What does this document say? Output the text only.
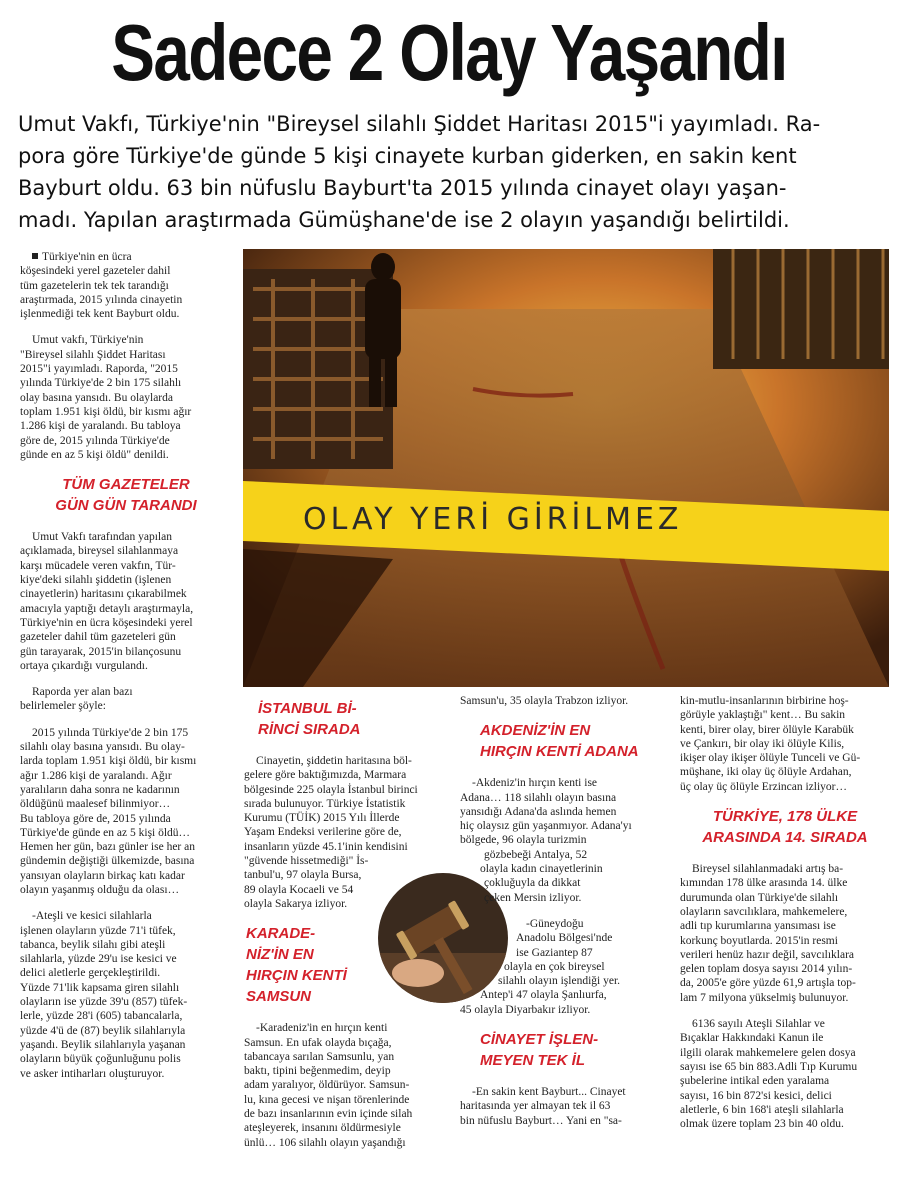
Sadece 2 Olay Yaşandı
Umut Vakfı, Türkiye'nin "Bireysel silahlı Şiddet Haritası 2015"i yayımladı. Ra-
pora göre Türkiye'de günde 5 kişi cinayete kurban giderken, en sakin kent
Bayburt oldu. 63 bin nüfuslu Bayburt'ta 2015 yılında cinayet olayı yaşan-
madı. Yapılan araştırmada Gümüşhane'de ise 2 olayın yaşandığı belirtildi.
OLAY YERİ GİRİLMEZ

Türkiye'nin en ücra
köşesindeki yerel gazeteler dahil
tüm gazetelerin tek tek tarandığı
araştırmada, 2015 yılında cinayetin
işlenmediği tek kent Bayburt oldu.

Umut vakfı, Türkiye'nin
"Bireysel silahlı Şiddet Haritası
2015"i yayımladı. Raporda, "2015
yılında Türkiye'de 2 bin 175 silahlı
olay basına yansıdı. Bu olaylarda
toplam 1.951 kişi öldü, bir kısmı ağır
1.286 kişi de yaralandı. Bu tabloya
göre de, 2015 yılında Türkiye'de
günde en az 5 kişi öldü" denildi.

TÜM GAZETELER
GÜN GÜN TARANDI

Umut Vakfı tarafından yapılan
açıklamada, bireysel silahlanmaya
karşı mücadele veren vakfın, Tür-
kiye'deki silahlı şiddetin (işlenen
cinayetlerin) haritasını çıkarabilmek
amacıyla yaptığı detaylı araştırmayla,
Türkiye'nin en ücra köşesindeki yerel
gazeteler dahil tüm gazeteleri gün
gün tarayarak, 2015'in bilançosunu
ortaya çıkardığı vurgulandı.

Raporda yer alan bazı
belirlemeler şöyle:

2015 yılında Türkiye'de 2 bin 175
silahlı olay basına yansıdı. Bu olay-
larda toplam 1.951 kişi öldü, bir kısmı
ağır 1.286 kişi de yaralandı. Ağır
yaralıların daha sonra ne kadarının
öldüğünü maalesef bilinmiyor…
Bu tabloya göre de, 2015 yılında
Türkiye'de günde en az 5 kişi öldü…
Hemen her gün, bazı günler ise her an
gündemin değiştiği ülkemizde, basına
yansıyan olayların birkaç katı kadar
olayın yaşanmış olduğu da olası…

-Ateşli ve kesici silahlarla
işlenen olayların yüzde 71'i tüfek,
tabanca, beylik silahı gibi ateşli
silahlarla, yüzde 29'u ise kesici ve
delici aletlerle gerçekleştirildi.
Yüzde 71'lik kapsama giren silahlı
olayların ise yüzde 39'u (857) tüfek-
lerle, yüzde 28'i (605) tabancalarla,
yüzde 4'ü de (87) beylik silahlarıyla
yaşandı. Beylik silahlarıyla yaşanan
olayların büyük çoğunluğunu polis
ve asker intiharları oluşturuyor.

İSTANBUL Bİ-
RİNCİ SIRADA

Cinayetin, şiddetin haritasına böl-
gelere göre baktığımızda, Marmara
bölgesinde 225 olayla İstanbul birinci
sırada bulunuyor. Türkiye İstatistik
Kurumu (TÜİK) 2015 Yılı İllerde
Yaşam Endeksi verilerine göre de,
insanların yüzde 45.1'inin kendisini
"güvende hissetmediği" İs-
tanbul'u, 97 olayla Bursa,
89 olayla Kocaeli ve 54
olayla Sakarya izliyor.

KARADE-
NİZ'İN EN
HIRÇIN KENTİ
SAMSUN

-Karadeniz'in en hırçın kenti
Samsun. En ufak olayda bıçağa,
tabancaya sarılan Samsunlu, yan
baktı, tipini beğenmedim, deyip
adam yaralıyor, öldürüyor. Samsun-
lu, kına gecesi ve nişan törenlerinde
de bazı insanlarının evin içinde silah
ateşleyerek, insanını öldürmesiyle
ünlü… 106 silahlı olayın yaşandığı

Samsun'u, 35 olayla Trabzon izliyor.

AKDENİZ'İN EN
HIRÇIN KENTİ ADANA

-Akdeniz'in hırçın kenti ise
Adana… 118 silahlı olayın basına
yansıdığı Adana'da aslında hemen
hiç olaysız gün yaşanmıyor. Adana'yı
bölgede, 96 olayla turizmin
gözbebeği Antalya, 52
olayla kadın cinayetlerinin
çokluğuyla da dikkat
çeken Mersin izliyor.

-Güneydoğu
Anadolu Bölgesi'nde
ise Gaziantep 87
olayla en çok bireysel
silahlı olayın işlendiği yer.
Antep'i 47 olayla Şanlıurfa,
45 olayla Diyarbakır izliyor.

CİNAYET İŞLEN-
MEYEN TEK İL

-En sakin kent Bayburt... Cinayet
haritasında yer almayan tek il 63
bin nüfuslu Bayburt… Yani en "sa-

kin-mutlu-insanlarının birbirine hoş-
görüyle yaklaştığı" kent… Bu sakin
kenti, birer olay, birer ölüyle Karabük
ve Çankırı, bir olay iki ölüyle Kilis,
ikişer olay ikişer ölüyle Tunceli ve Gü-
müşhane, iki olay üç ölüyle Ardahan,
üç olay üç ölüyle Erzincan izliyor…

TÜRKİYE, 178 ÜLKE
ARASINDA 14. SIRADA

Bireysel silahlanmadaki artış ba-
kımından 178 ülke arasında 14. ülke
durumunda olan Türkiye'de silahlı
olayların savcılıklara, mahkemelere,
adli tıp kurumlarına yansıması ise
korkunç boyutlarda. 2015'in resmi
verileri henüz hazır değil, savcılıklara
gelen toplam dosya sayısı 2014 yılın-
da, 2005'e göre yüzde 61,9 artışla top-
lam 7 milyona yükselmiş bulunuyor.

6136 sayılı Ateşli Silahlar ve
Bıçaklar Hakkındaki Kanun ile
ilgili olarak mahkemelere gelen dosya
sayısı ise 65 bin 883.Adli Tıp Kurumu
şubelerine intikal eden yaralama
sayısı, 16 bin 872'si kesici, delici
aletlerle, 6 bin 168'i ateşli silahlarla
olmak üzere toplam 23 bin 40 oldu.
